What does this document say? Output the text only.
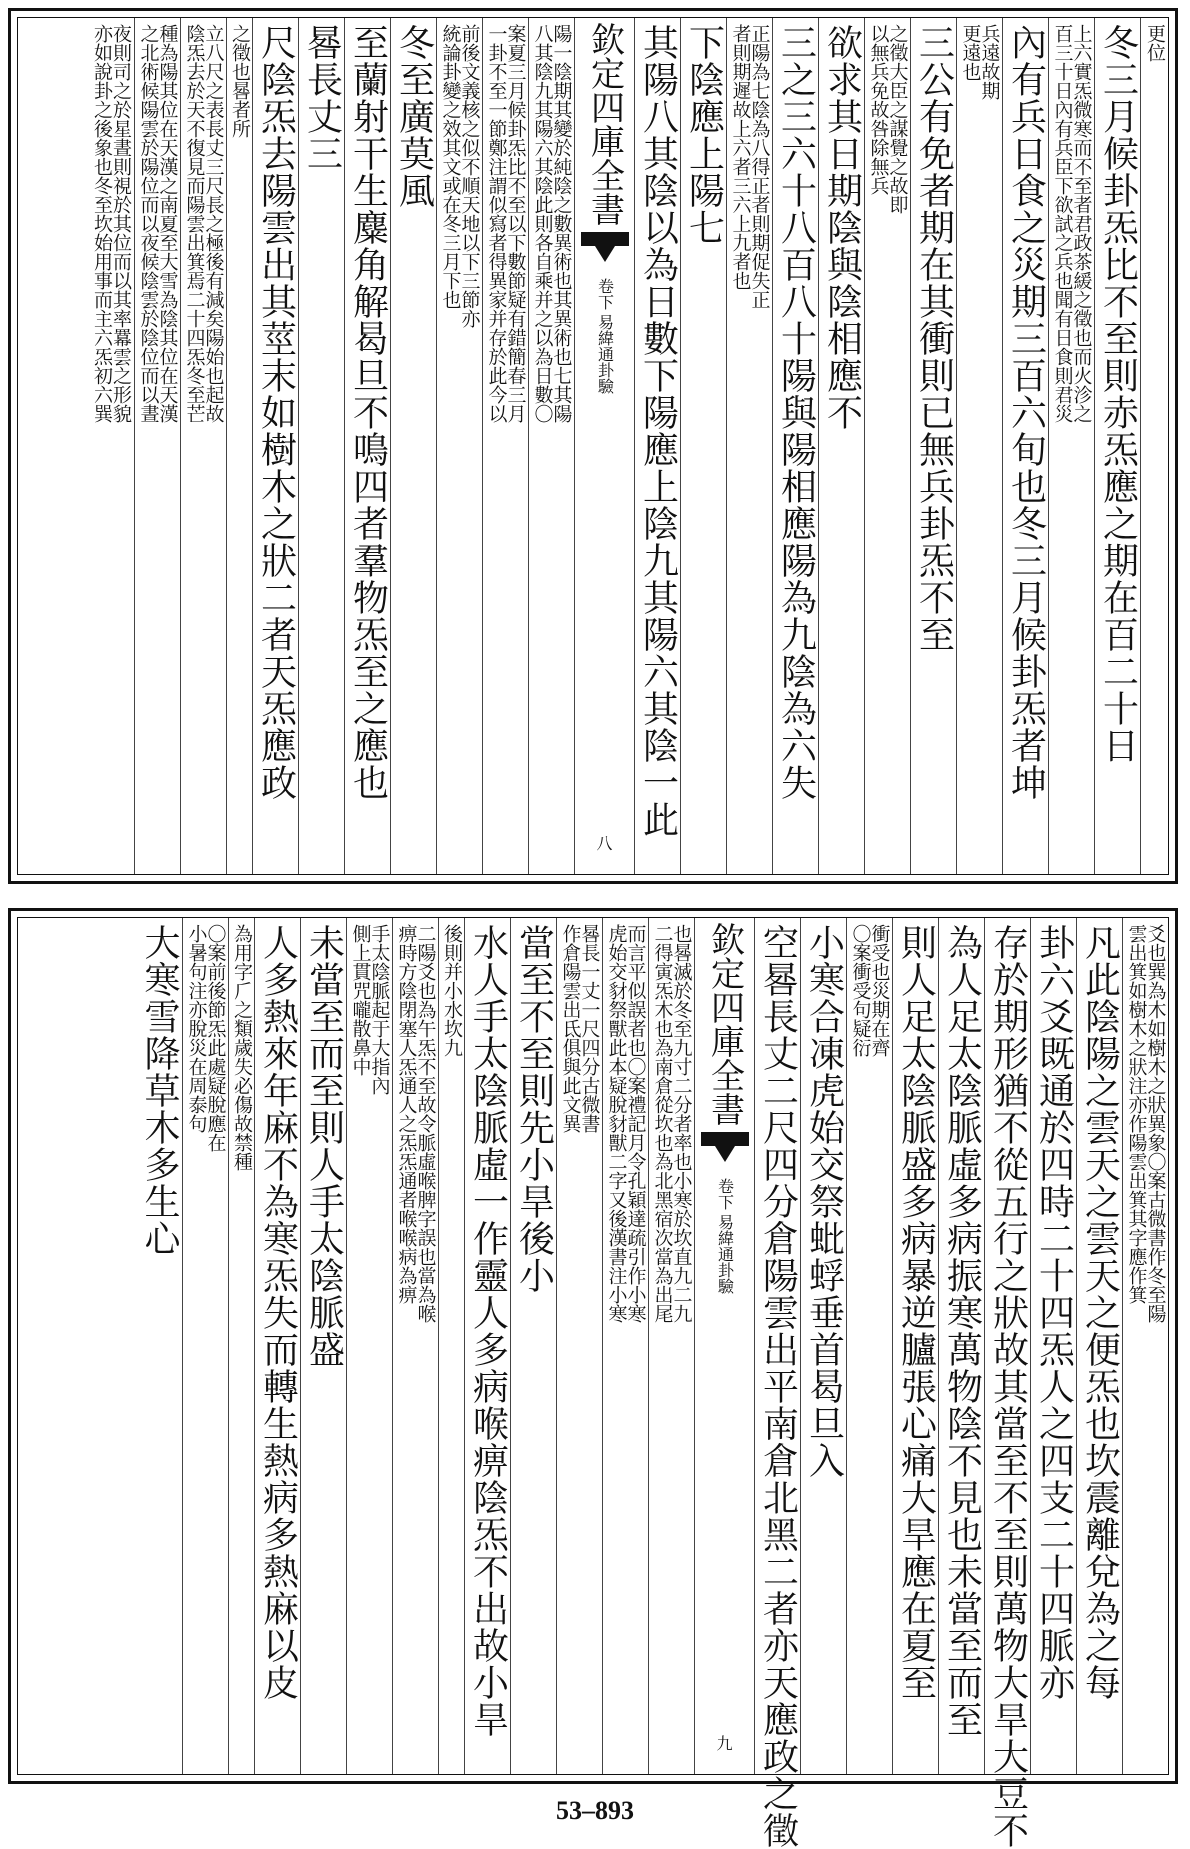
更位
冬三月候卦炁比不至則赤炁應之期在百二十日
上六實炁微寒而不至者君政茶緩之徵也而火沴之
百三十日內有兵臣下欲試之兵也聞有日食則君災
內有兵日食之災期三百六旬也冬三月候卦炁者坤
兵遠故期
更遠也
三公有免者期在其衝則已無兵卦炁不至
之徵大臣之謀覺之故即
以無兵免故咎除無兵
欲求其日期陰與陰相應不
三之三六十八百八十陽與陽相應陽為九陰為六失
正陽為七陰為八得正者則期促失正
者則期遲故上六者三六上九者也
下陰應上陽七
其陽八其陰以為日數下陽應上陰九其陽六其陰一此
欽定四庫全書
易緯通卦驗
卷下
八
陽一陰期其變於純陰之數異術也其異術也七其陽
八其陰九其陽六其陰此則各自乘并之以為日數〇
案夏三月候卦炁比不至以下數節疑有錯簡春三月
一卦不至一節鄭注謂似寫者得異家并存於此今以
前後文義核之似不順天地以下三節亦
統論卦變之效其文或在冬三月下也
冬至廣莫風
至蘭射干生麋角解曷旦不鳴四者羣物炁至之應也
晷長丈三
尺陰炁去陽雲出其莖末如樹木之狀二者天炁應政
之徵也晷者所
立八尺之表長丈三尺長之極後有減矣陽始也起故
陰炁去於天不復見而陽雲出箕焉二十四炁冬至芒
種為陽其位在天漢之南夏至大雪為陰其位在天漢
之北術候陽雲於陽位而以夜候陰雲於陰位而以晝
夜則司之於星晝則視於其位而以其率羃雲之形貌
亦如說卦之後象也冬至坎始用事而主六炁初六巽
爻也巽為木如樹木之狀異象〇案古微書作冬至陽
雲出箕如樹木之狀注亦作陽雲出箕其字應作箕
凡此陰陽之雲天之雲天之便炁也坎震離兌為之每
卦六爻既通於四時二十四炁人之四支二十四脈亦
存於期形猶不從五行之狀故其當至不至則萬物大旱大豆不
為人足太陰脈虛多病振寒萬物陰不見也未當至而至
則人足太陰脈盛多病暴逆臚張心痛大旱應在夏至
衝受也災期在齊
〇案衝受句疑衍
小寒合凍虎始交祭蚍蜉垂首曷旦入
空晷長丈二尺四分倉陽雲出平南倉北黑二者亦天應政之徵
欽定四庫全書
易緯通卦驗
卷下
九
也晷滅於冬至九寸二分者率也小寒於坎直九二九
二得寅炁木也為南倉從坎也為北黑宿次當為出尾
而言平似誤者也〇案禮記月令孔穎達疏引作小寒
虎始交豺祭獸此本疑脫豺獸二字又後漢書注小寒
晷長一丈一尺四分古微書
作倉陽雲出氐俱與此文異
當至不至則先小旱後小
水人手太陰脈虛一作靈人多病喉痹陰炁不出故小旱
後則并小水坎九
二陽爻也為午炁不至故令脈虛喉脾字誤也當為喉
痹時方陰閉塞人炁通人之炁炁通者喉喉病為痹
手太陰脈起于大指內
側上貫咒嚨散鼻中
未當至而至則人手太陰脈盛
人多熱來年麻不為寒炁失而轉生熱病多熱麻以皮
為用字𠂆之類歲失必傷故禁種
〇案前後節炁此處疑脫應在
小暑句注亦脫災在周泰句
大寒雪降草木多生心
53–893
